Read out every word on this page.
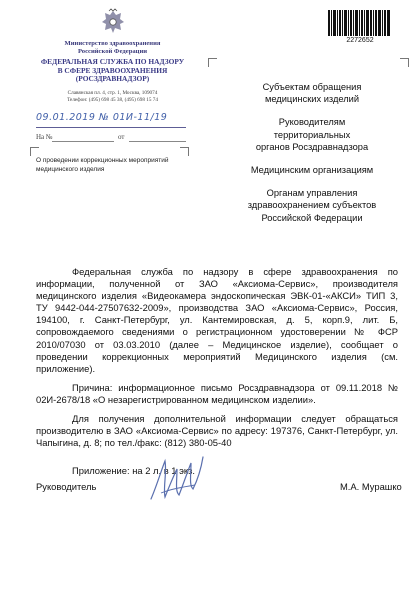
2272652
Министерство здравоохранения
Российской Федерации
ФЕДЕРАЛЬНАЯ СЛУЖБА ПО НАДЗОРУ
В СФЕРЕ ЗДРАВООХРАНЕНИЯ
(РОСЗДРАВНАДЗОР)
Славянская пл. 4, стр. 1, Москва, 109074
Телефон: (495) 698 45 38, (495) 698 15 74
09.01.2019 № 01И-11/19
На №	от
О проведении коррекционных мероприятий медицинского изделия

Субъектам обращения
медицинских изделий

Руководителям
территориальных
органов Росздравнадзора

Медицинским организациям

Органам управления
здравоохранением субъектов
Российской Федерации

Федеральная служба по надзору в сфере здравоохранения по информации, полученной от ЗАО «Аксиома-Сервис», производителя медицинского изделия «Видеокамера эндоскопическая ЭВК-01-«АКСИ» ТИП 3, ТУ 9442-044-27507632-2009», производства ЗАО «Аксиома-Сервис», Россия, 194100, г. Санкт-Петербург, ул. Кантемировская, д. 5, корп.9, лит. Б, сопровождаемого сведениями о регистрационном удостоверении № ФСР 2010/07030 от 03.03.2010 (далее – Медицинское изделие), сообщает о проведении коррекционных мероприятий Медицинского изделия (см. приложение).

Причина: информационное письмо Росздравнадзора от 09.11.2018 № 02И-2678/18 «О незарегистрированном медицинском изделии».

Для получения дополнительной информации следует обращаться производителю в ЗАО «Аксиома-Сервис» по адресу: 197376, Санкт-Петербург, ул. Чапыгина, д. 8; по тел./факс: (812) 380-05-40

Приложение: на 2 л. в 1 экз.

Руководитель	М.А. Мурашко
